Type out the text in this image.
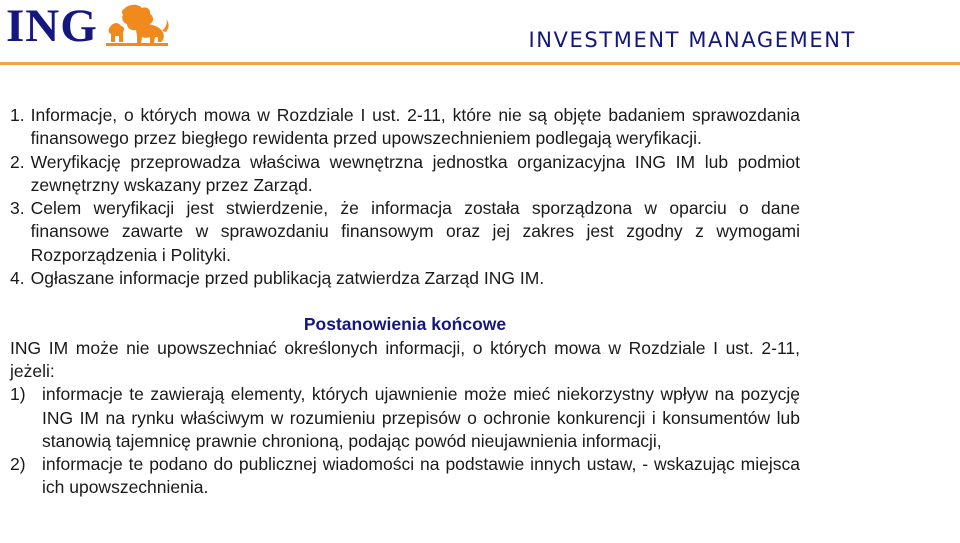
ING	INVESTMENT MANAGEMENT
1. Informacje, o których mowa w Rozdziale I ust. 2-11, które nie są objęte badaniem sprawozdania finansowego przez biegłego rewidenta przed upowszechnieniem podlegają weryfikacji.
2. Weryfikację przeprowadza właściwa wewnętrzna jednostka organizacyjna ING IM lub podmiot zewnętrzny wskazany przez Zarząd.
3. Celem weryfikacji jest stwierdzenie, że informacja została sporządzona w oparciu o dane finansowe zawarte w sprawozdaniu finansowym oraz jej zakres jest zgodny z wymogami Rozporządzenia i Polityki.
4. Ogłaszane informacje przed publikacją zatwierdza Zarząd ING IM.
Postanowienia końcowe
ING IM może nie upowszechniać określonych informacji, o których mowa w Rozdziale I ust. 2-11, jeżeli:
1) informacje te zawierają elementy, których ujawnienie może mieć niekorzystny wpływ na pozycję ING IM na rynku właściwym w rozumieniu przepisów o ochronie konkurencji i konsumentów lub stanowią tajemnicę prawnie chronioną, podając powód nieujawnienia informacji,
2) informacje te podano do publicznej wiadomości na podstawie innych ustaw, - wskazując miejsca ich upowszechnienia.
